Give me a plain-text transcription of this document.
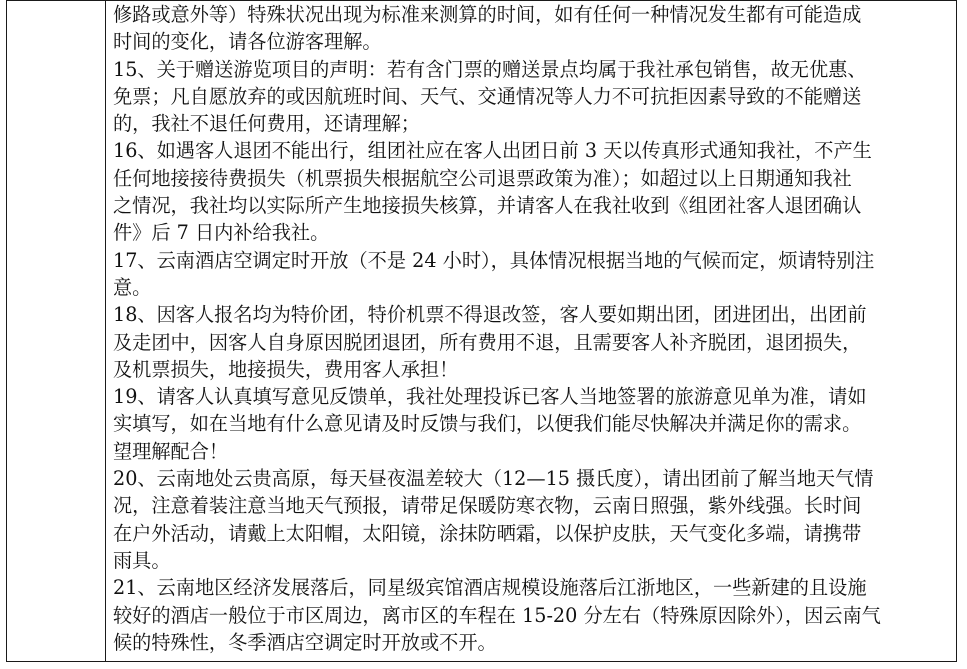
修路或意外等）特殊状况出现为标准来测算的时间，如有任何一种情况发生都有可能造成
时间的变化，请各位游客理解。
15、关于赠送游览项目的声明：若有含门票的赠送景点均属于我社承包销售，故无优惠、
免票；凡自愿放弃的或因航班时间、天气、交通情况等人力不可抗拒因素导致的不能赠送
的，我社不退任何费用，还请理解；
16、如遇客人退团不能出行，组团社应在客人出团日前 3 天以传真形式通知我社，不产生
任何地接接待费损失（机票损失根据航空公司退票政策为准）；如超过以上日期通知我社
之情况，我社均以实际所产生地接损失核算，并请客人在我社收到《组团社客人退团确认
件》后 7 日内补给我社。
17、云南酒店空调定时开放（不是 24 小时），具体情况根据当地的气候而定，烦请特别注
意。
18、因客人报名均为特价团，特价机票不得退改签，客人要如期出团，团进团出，出团前
及走团中，因客人自身原因脱团退团，所有费用不退，且需要客人补齐脱团，退团损失，
及机票损失，地接损失，费用客人承担！
19、请客人认真填写意见反馈单，我社处理投诉已客人当地签署的旅游意见单为准，请如
实填写，如在当地有什么意见请及时反馈与我们，以便我们能尽快解决并满足你的需求。
望理解配合！
20、云南地处云贵高原，每天昼夜温差较大（12—15 摄氏度），请出团前了解当地天气情
况，注意着装注意当地天气预报，请带足保暖防寒衣物，云南日照强，紫外线强。长时间
在户外活动，请戴上太阳帽，太阳镜，涂抹防晒霜，以保护皮肤，天气变化多端，请携带
雨具。
21、云南地区经济发展落后，同星级宾馆酒店规模设施落后江浙地区，一些新建的且设施
较好的酒店一般位于市区周边，离市区的车程在 15-20 分左右（特殊原因除外），因云南气
候的特殊性，冬季酒店空调定时开放或不开。
